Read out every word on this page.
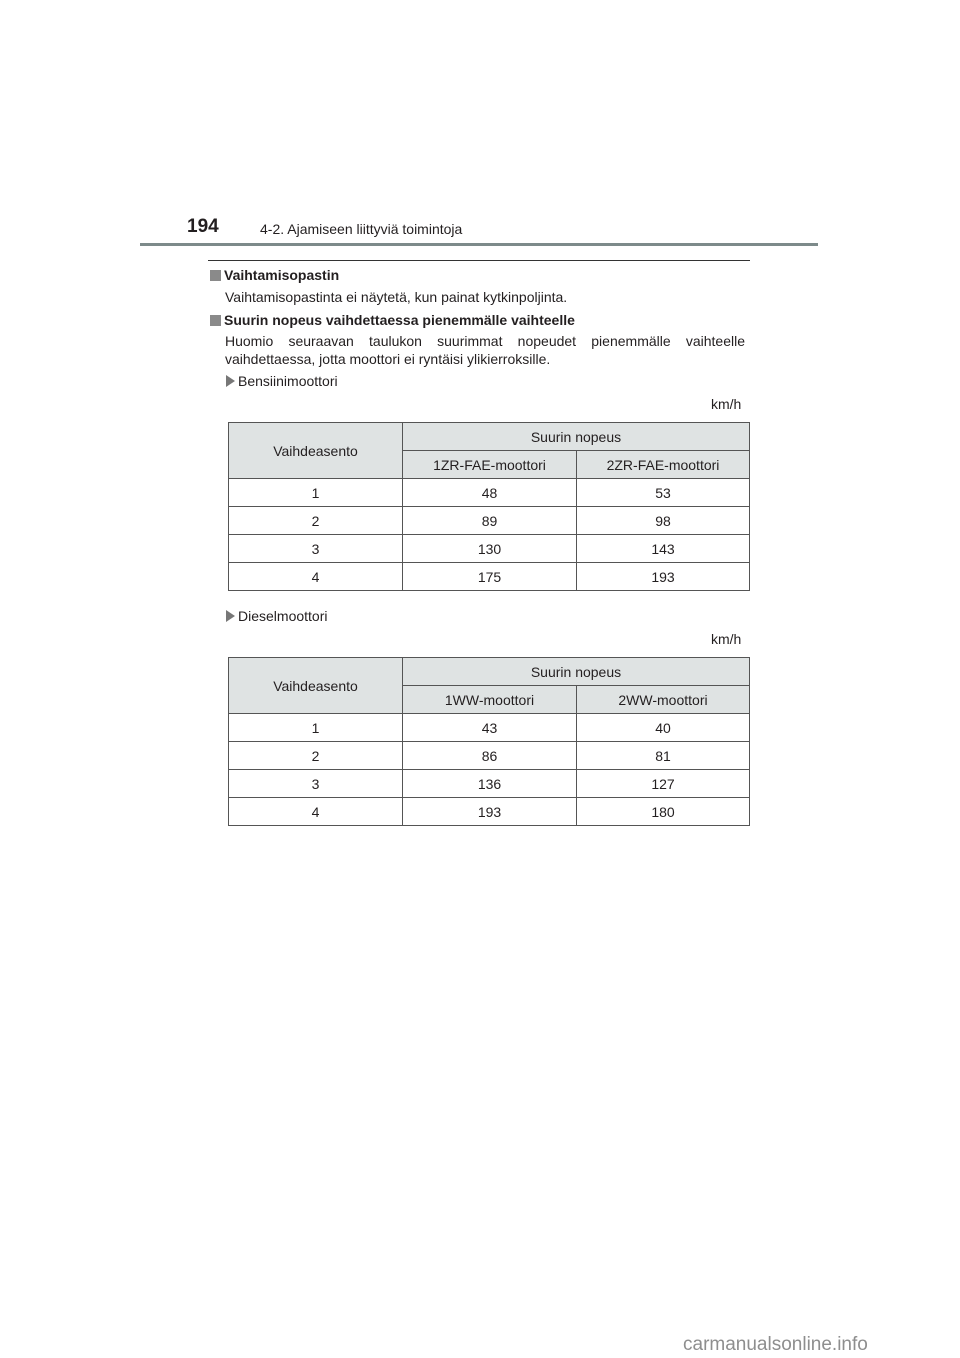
194	4-2. Ajamiseen liittyviä toimintoja
Vaihtamisopastin
Vaihtamisopastinta ei näytetä, kun painat kytkinpoljinta.
Suurin nopeus vaihdettaessa pienemmälle vaihteelle
Huomio seuraavan taulukon suurimmat nopeudet pienemmälle vaihteelle
vaihdettaessa, jotta moottori ei ryntäisi ylikierroksille.
Bensiinimoottori
km/h
Vaihdeasento	Suurin nopeus	
	1ZR-FAE-moottori	2ZR-FAE-moottori
1	48	53
2	89	98
3	130	143
4	175	193
Dieselmoottori
km/h
Vaihdeasento	Suurin nopeus	
	1WW-moottori	2WW-moottori
1	43	40
2	86	81
3	136	127
4	193	180
carmanualsonline.info
